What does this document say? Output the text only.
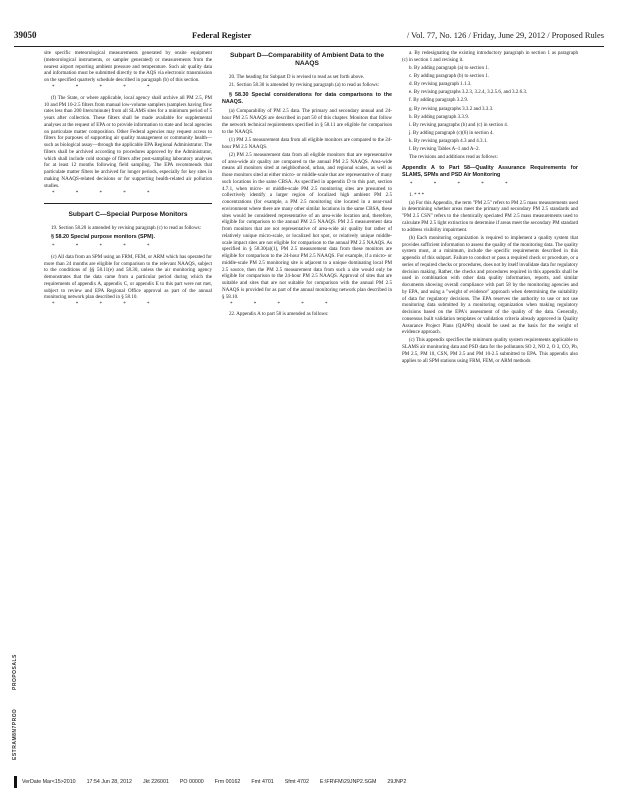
39050	Federal Register	/ Vol. 77, No. 126 / Friday, June 29, 2012 / Proposed Rules

site specific meteorological measurements generated by onsite equipment (meteorological instruments, or sampler generated) or measurements from the nearest airport reporting ambient pressure and temperature. Such air quality data and information must be submitted directly to the AQS via electronic transmission on the specified quarterly schedule described in paragraph (b) of this section.

* * * * *

(f) The State, or where applicable, local agency shall archive all PM 2.5, PM 10 and PM 10-2.5 filters from manual low-volume samplers (samplers having flow rates less than 200 liters/minute) from all SLAMS sites for a minimum period of 5 years after collection. These filters shall be made available for supplemental analyses at the request of EPA or to provide information to state and local agencies on particulate matter composition. Other Federal agencies may request access to filters for purposes of supporting air quality management or community health—such as biological assay—through the applicable EPA Regional Administrator. The filters shall be archived according to procedures approved by the Administrator, which shall include cold storage of filters after post-sampling laboratory analyses for at least 12 months following field sampling. The EPA recommends that particulate matter filters be archived for longer periods, especially for key sites in making NAAQS-related decisions or for supporting health-related air pollution studies.

* * * * *
Subpart C—Special Purpose Monitors

19. Section 58.20 is amended by revising paragraph (c) to read as follows:

§ 58.20 Special purpose monitors (SPM).
* * * * *

(c) All data from an SPM using an FRM, FEM, or ARM which has operated for more than 24 months are eligible for comparison to the relevant NAAQS, subject to the conditions of §§ 58.11(e) and 58.30, unless the air monitoring agency demonstrates that the data came from a particular period during which the requirements of appendix A, appendix C, or appendix E to this part were not met, subject to review and EPA Regional Office approval as part of the annual monitoring network plan described in § 58.10.

* * * * *
Subpart D—Comparability of Ambient Data to the NAAQS

20. The heading for Subpart D is revised to read as set forth above.

21. Section 58.30 is amended by revising paragraph (a) to read as follows:

§ 58.30 Special considerations for data comparisons to the NAAQS.

(a) Comparability of PM 2.5 data. The primary and secondary annual and 24-hour PM 2.5 NAAQS are described in part 50 of this chapter. Monitors that follow the network technical requirements specified in § 58.11 are eligible for comparison to the NAAQS.

(1) PM 2.5 measurement data from all eligible monitors are compared to the 24-hour PM 2.5 NAAQS.

(2) PM 2.5 measurement data from all eligible monitors that are representative of area-wide air quality are compared to the annual PM 2.5 NAAQS. Area-wide means all monitors sited at neighborhood, urban, and regional scales, as well as those monitors sited at either micro- or middle-scale that are representative of many such locations in the same CBSA. As specified in appendix D to this part, section 4.7.1, when micro- or middle-scale PM 2.5 monitoring sites are presumed to collectively identify a larger region of localized high ambient PM 2.5 concentrations (for example, a PM 2.5 monitoring site located in a near-road environment where there are many other similar locations in the same CBSA, these sites would be considered representative of an area-wide location and, therefore, eligible for comparison to the annual PM 2.5 NAAQS. PM 2.5 measurement data from monitors that are not representative of area-wide air quality but rather of relatively unique micro-scale, or localized hot spot, or relatively unique middle-scale impact sites are not eligible for comparison to the annual PM 2.5 NAAQS. As specified in § 58.30(a)(1), PM 2.5 measurement data from these monitors are eligible for comparison to the 24-hour PM 2.5 NAAQS. For example, if a micro- or middle-scale PM 2.5 monitoring site is adjacent to a unique dominating local PM 2.5 source, then the PM 2.5 measurement data from such a site would only be eligible for comparison to the 24-hour PM 2.5 NAAQS. Approval of sites that are suitable and sites that are not suitable for comparison with the annual PM 2.5 NAAQS is provided for as part of the annual monitoring network plan described in § 58.10.

* * * * *

22. Appendix A to part 58 is amended as follows:

a. By redesignating the existing introductory paragraph in section 1 as paragraph (c) in section 1 and revising it.

b. By adding paragraph (a) to section 1.

c. By adding paragraph (b) to section 1.

d. By revising paragraph 1.1.3.

e. By revising paragraphs 3.2.3, 3.2.4, 3.2.5.6, and 3.2.6.3.

f. By adding paragraph 3.2.9.

g. By revising paragraphs 3.3.2 and 3.3.3.

h. By adding paragraph 3.3.9.

i. By revising paragraphs (b) and (c) in section 4.

j. By adding paragraph (c)(6) in section 4.

k. By revising paragraph 4.3 and 4.3.1.

l. By revising Tables A–1 and A–2.

The revisions and additions read as follows:

Appendix A to Part 58—Quality Assurance Requirements for SLAMS, SPMs and PSD Air Monitoring
* * * * *

1. * * *

(a) For this Appendix, the term "PM 2.5" refers to PM 2.5 mass measurements used in determining whether areas meet the primary and secondary PM 2.5 standards and "PM 2.5 CSN" refers to the chemically speciated PM 2.5 mass measurements used to calculate PM 2.5 light extinction to determine if areas meet the secondary PM standard to address visibility impairment.

(b) Each monitoring organization is required to implement a quality system that provides sufficient information to assess the quality of the monitoring data. The quality system must, at a minimum, include the specific requirements described in this appendix of this subpart. Failure to conduct or pass a required check or procedure, or a series of required checks or procedures, does not by itself invalidate data for regulatory decision making. Rather, the checks and procedures required in this appendix shall be used in combination with other data quality information, reports, and similar documents showing overall compliance with part 58 by the monitoring agencies and by EPA, and using a "weight of evidence" approach when determining the suitability of data for regulatory decisions. The EPA reserves the authority to use or not use monitoring data submitted by a monitoring organization when making regulatory decisions based on the EPA's assessment of the quality of the data. Generally, consensus built validation templates or validation criteria already approved in Quality Assurance Project Plans (QAPPs) should be used as the basis for the weight of evidence approach.

(c) This appendix specifies the minimum quality system requirements applicable to SLAMS air monitoring data and PSD data for the pollutants SO 2, NO 2, O 3, CO, Pb, PM 2.5, PM 10, CSN, PM 2.5 and PM 10-2.5 submitted to EPA. This appendix also applies to all SPM stations using FRM, FEM, or ARM methods

PROPOSALS
ESTRAM8N7PROD
VerDate Mar<15>2010 17:54 Jun 28, 2012 Jkt 226001 PO 00000 Frm 00162 Fmt 4701 Sfmt 4702 E:\FR\FM\29JNP2.SGM 29JNP2
